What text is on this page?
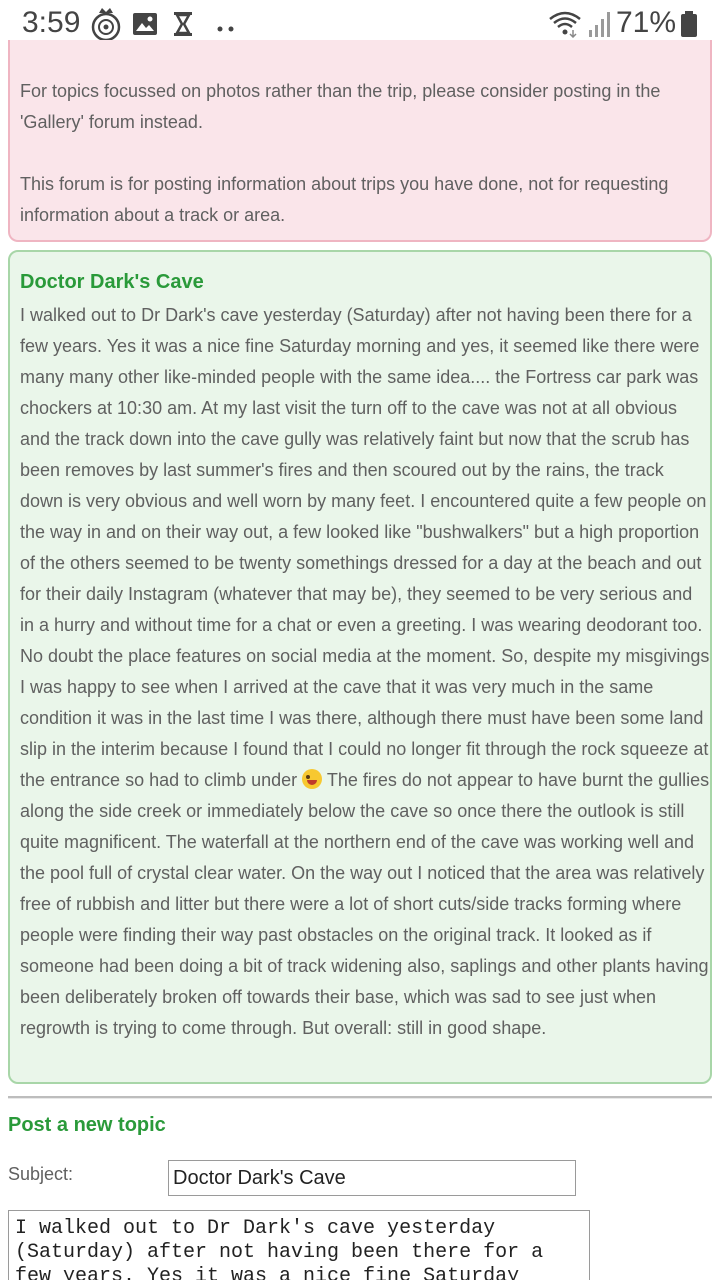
3:59	71%

For topics focussed on photos rather than the trip, please consider posting in the

'Gallery' forum instead.

This forum is for posting information about trips you have done, not for requesting

information about a track or area.

Doctor Dark's Cave
I walked out to Dr Dark's cave yesterday (Saturday) after not having been there for a few years. Yes it was a nice fine Saturday morning and yes, it seemed like there were many many other like-minded people with the same idea.... the Fortress car park was chockers at 10:30 am. At my last visit the turn off to the cave was not at all obvious and the track down into the cave gully was relatively faint but now that the scrub has been removes by last summer's fires and then scoured out by the rains, the track down is very obvious and well worn by many feet. I encountered quite a few people on the way in and on their way out, a few looked like "bushwalkers" but a high proportion of the others seemed to be twenty somethings dressed for a day at the beach and out for their daily Instagram (whatever that may be), they seemed to be very serious and in a hurry and without time for a chat or even a greeting. I was wearing deodorant too. No doubt the place features on social media at the moment. So, despite my misgivings I was happy to see when I arrived at the cave that it was very much in the same condition it was in the last time I was there, although there must have been some land slip in the interim because I found that I could no longer fit through the rock squeeze at the entrance so had to climb under  The fires do not appear to have burnt the gullies along the side creek or immediately below the cave so once there the outlook is still quite magnificent. The waterfall at the northern end of the cave was working well and the pool full of crystal clear water. On the way out I noticed that the area was relatively free of rubbish and litter but there were a lot of short cuts/side tracks forming where people were finding their way past obstacles on the original track. It looked as if someone had been doing a bit of track widening also, saplings and other plants having been deliberately broken off towards their base, which was sad to see just when regrowth is trying to come through. But overall: still in good shape.
Post a new topic
Subject:
Doctor Dark's Cave
I walked out to Dr Dark's cave yesterday (Saturday) after not having been there for a few years. Yes it was a nice fine Saturday
